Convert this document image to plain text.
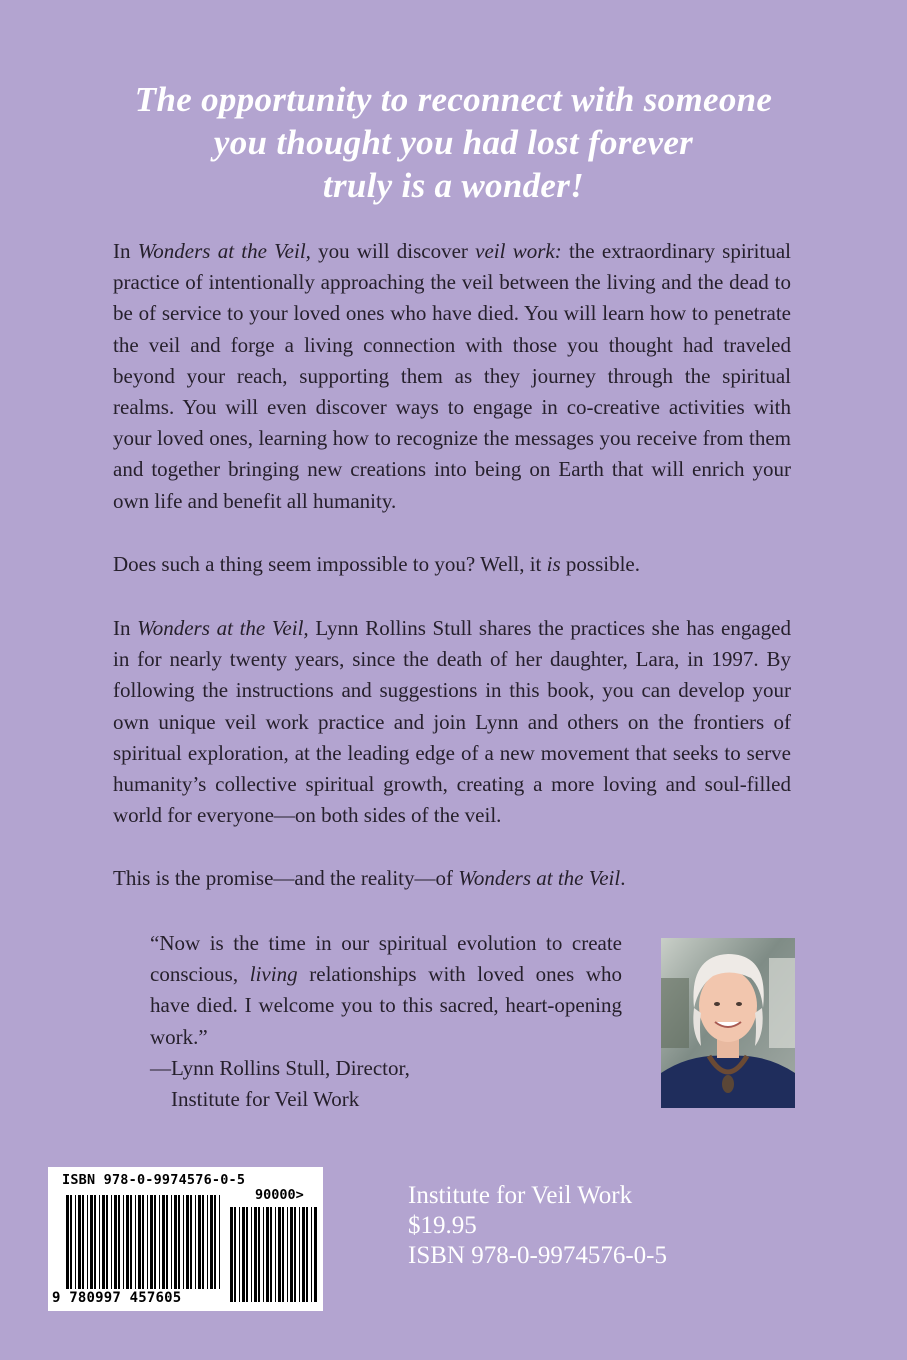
The opportunity to reconnect with someone
you thought you had lost forever
truly is a wonder!

In Wonders at the Veil, you will discover veil work: the extraordinary spiritual practice of intentionally approaching the veil between the living and the dead to be of service to your loved ones who have died. You will learn how to penetrate the veil and forge a living connection with those you thought had traveled beyond your reach, supporting them as they journey through the spiritual realms. You will even discover ways to engage in co-creative activities with your loved ones, learning how to recognize the messages you receive from them and together bringing new creations into being on Earth that will enrich your own life and benefit all humanity.

Does such a thing seem impossible to you? Well, it is possible.

In Wonders at the Veil, Lynn Rollins Stull shares the practices she has engaged in for nearly twenty years, since the death of her daughter, Lara, in 1997. By following the instructions and suggestions in this book, you can develop your own unique veil work practice and join Lynn and others on the frontiers of spiritual exploration, at the leading edge of a new movement that seeks to serve humanity’s collective spiritual growth, creating a more loving and soul-filled world for everyone—on both sides of the veil.

This is the promise—and the reality—of Wonders at the Veil.

“Now is the time in our spiritual evolution to create conscious, living relationships with loved ones who have died. I welcome you to this sacred, heart-opening work.”

—Lynn Rollins Stull, Director,
Institute for Veil Work
ISBN 978-0-9974576-0-5
90000>
9 780997 457605
Institute for Veil Work
$19.95
ISBN 978-0-9974576-0-5
